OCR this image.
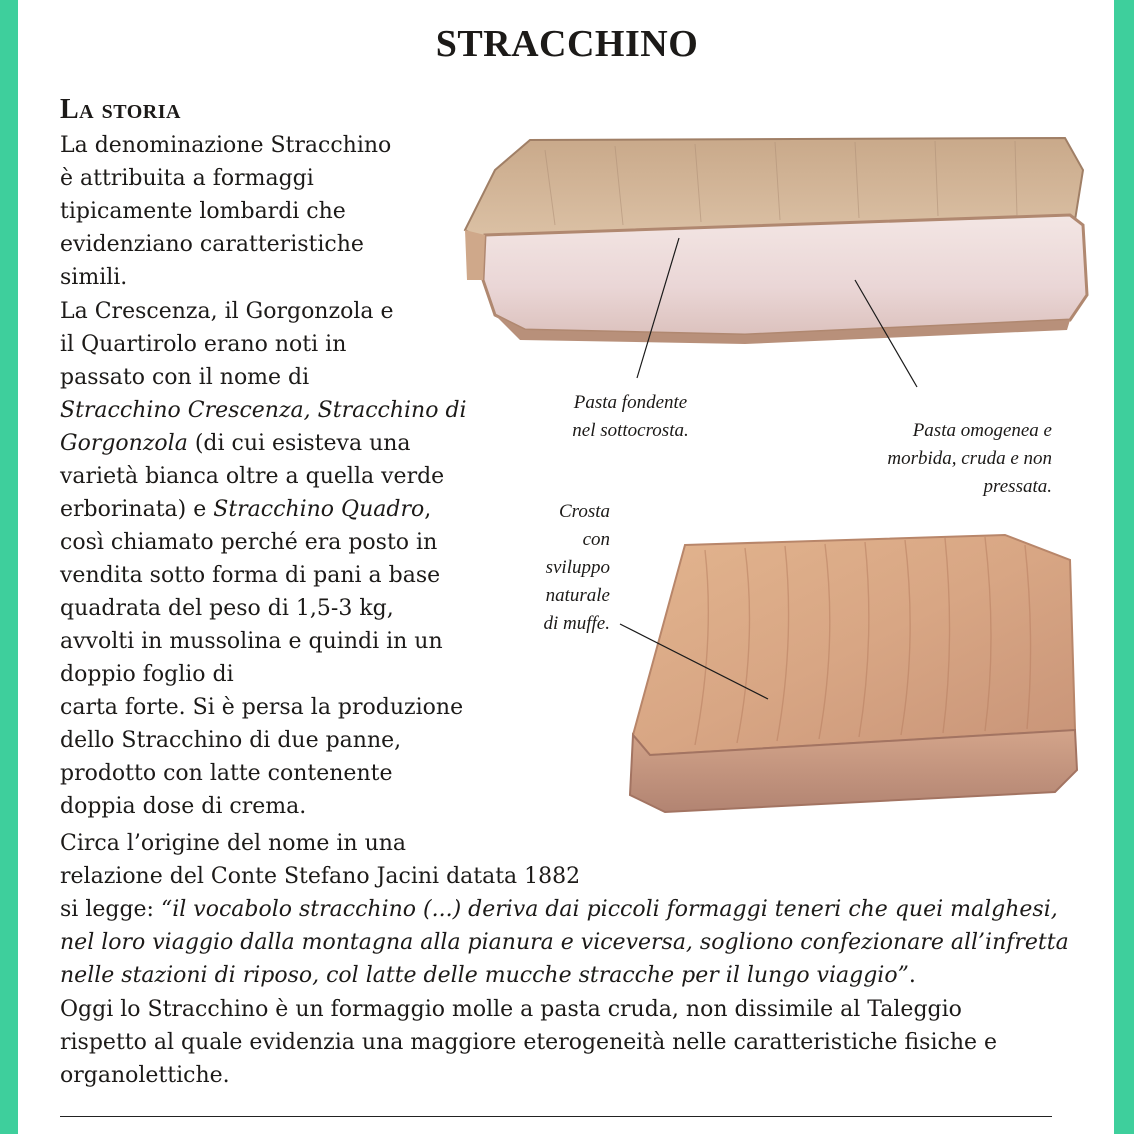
STRACCHINO
La storia
La denominazione Stracchino
è attribuita a formaggi
tipicamente lombardi che
evidenziano caratteristiche
simili.
La Crescenza, il Gorgonzola e
il Quartirolo erano noti in
passato con il nome di
Stracchino Crescenza, Stracchino di
Gorgonzola (di cui esisteva una
varietà bianca oltre a quella verde
erborinata) e Stracchino Quadro,
così chiamato perché era posto in
vendita sotto forma di pani a base
quadrata del peso di 1,5-3 kg,
avvolti in mussolina e quindi in un
doppio foglio di
carta forte. Si è persa la produzione
dello Stracchino di due panne,
prodotto con latte contenente
doppia dose di crema.
Circa l’origine del nome in una
relazione del Conte Stefano Jacini datata 1882
si legge: “il vocabolo stracchino (...) deriva dai piccoli formaggi teneri che quei malghesi,
nel loro viaggio dalla montagna alla pianura e viceversa, sogliono confezionare all’infretta
nelle stazioni di riposo, col latte delle mucche stracche per il lungo viaggio”.
Oggi lo Stracchino è un formaggio molle a pasta cruda, non dissimile al Taleggio
rispetto al quale evidenzia una maggiore eterogeneità nelle caratteristiche fisiche e
organolettiche.
Pasta fondente
nel sottocrosta.	Pasta omogenea e
morbida, cruda e non
pressata.
Crosta
con
sviluppo
naturale
di muffe.
